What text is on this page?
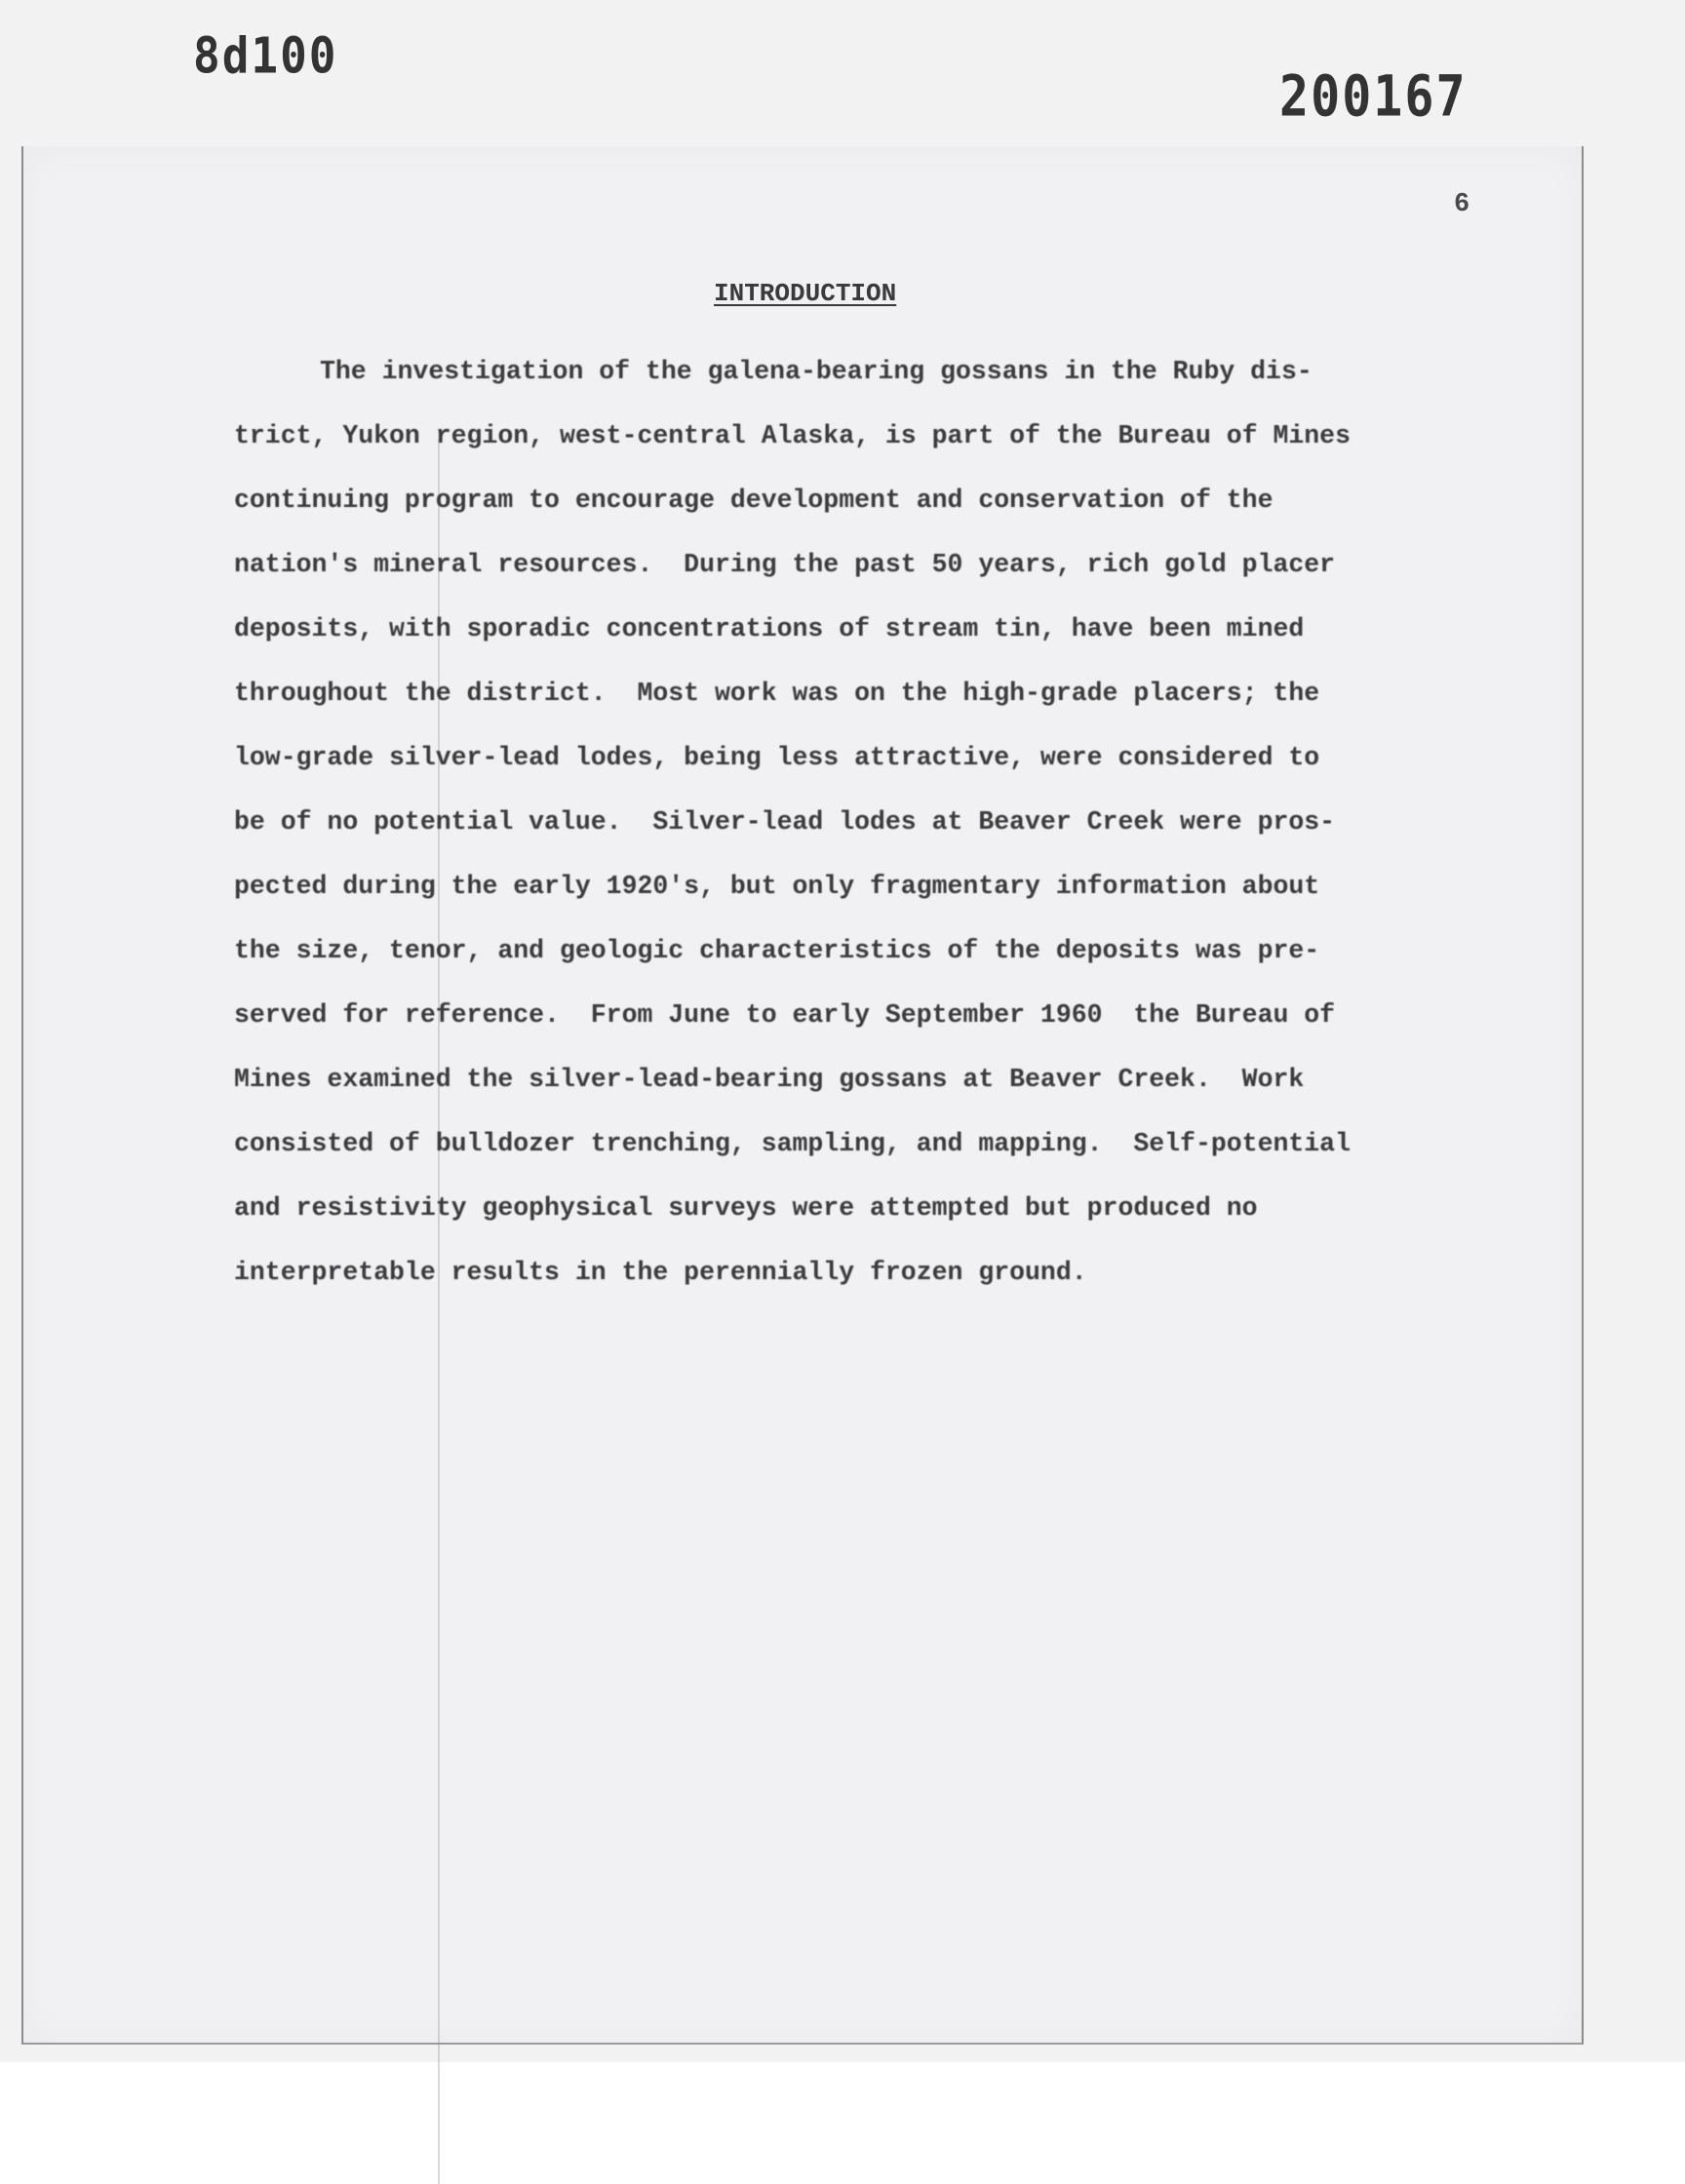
8d100
200167
6
INTRODUCTION
The investigation of the galena-bearing gossans in the Ruby dis-
trict, Yukon region, west-central Alaska, is part of the Bureau of Mines
continuing program to encourage development and conservation of the
nation's mineral resources.  During the past 50 years, rich gold placer
deposits, with sporadic concentrations of stream tin, have been mined
throughout the district.  Most work was on the high-grade placers; the
low-grade silver-lead lodes, being less attractive, were considered to
be of no potential value.  Silver-lead lodes at Beaver Creek were pros-
pected during the early 1920's, but only fragmentary information about
the size, tenor, and geologic characteristics of the deposits was pre-
served for reference.  From June to early September 1960  the Bureau of
Mines examined the silver-lead-bearing gossans at Beaver Creek.  Work
consisted of bulldozer trenching, sampling, and mapping.  Self-potential
and resistivity geophysical surveys were attempted but produced no
interpretable results in the perennially frozen ground.
